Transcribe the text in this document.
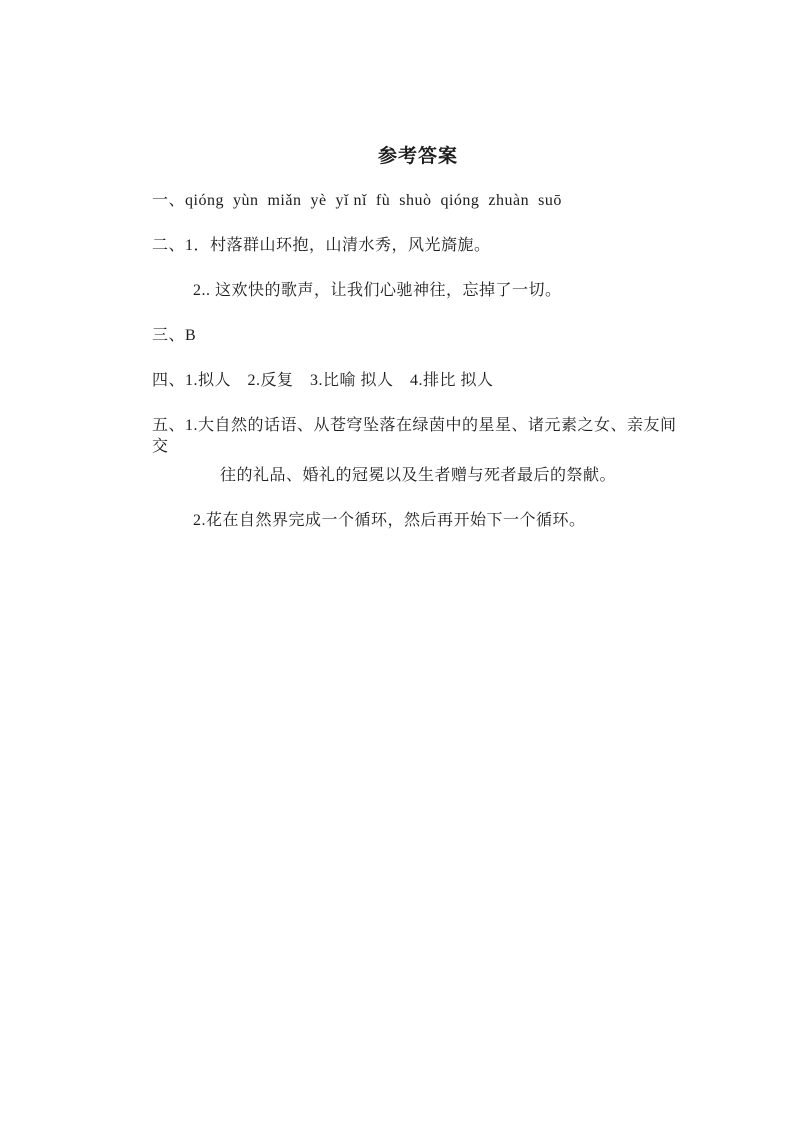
参考答案
一、qióng  yùn  miǎn  yè  yǐ nǐ  fù  shuò  qióng  zhuàn  suō
二、1．村落群山环抱，山清水秀，风光旖旎。
2.. 这欢快的歌声，让我们心驰神往，忘掉了一切。
三、B
四、1.拟人　2.反复　3.比喻 拟人　4.排比 拟人
五、1.大自然的话语、从苍穹坠落在绿茵中的星星、诸元素之女、亲友间交
往的礼品、婚礼的冠冕以及生者赠与死者最后的祭献。
2.花在自然界完成一个循环，然后再开始下一个循环。
